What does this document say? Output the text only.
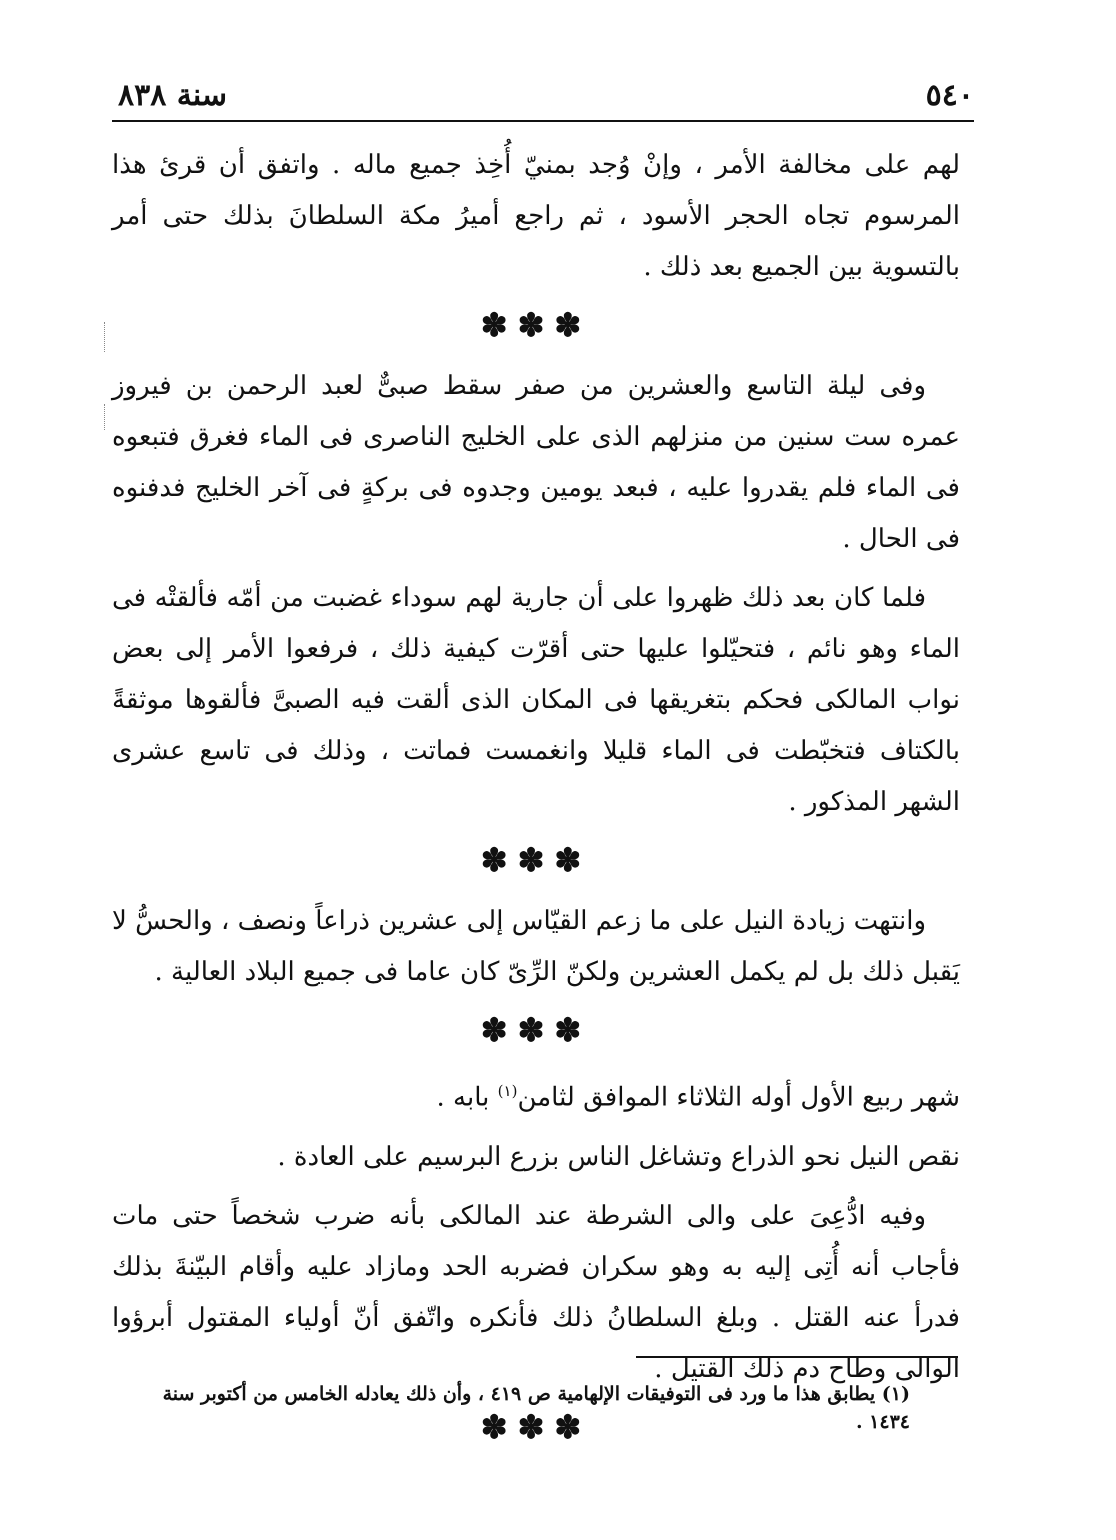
٥٤٠
سنة ٨٣٨

لهم على مخالفة الأمر ، وإنْ وُجد بمنيّ أُخِذ جميع ماله . واتفق أن قرئ هذا المرسوم تجاه الحجر الأسود ، ثم راجع أميرُ مكة السلطانَ بذلك حتى أمر بالتسوية بين الجميع بعد ذلك .

✽✽✽

وفى ليلة التاسع والعشرين من صفر سقط صبىٌّ لعبد الرحمن بن فيروز عمره ست سنين من منزلهم الذى على الخليج الناصرى فى الماء فغرق فتبعوه فى الماء فلم يقدروا عليه ، فبعد يومين وجدوه فى بركةٍ فى آخر الخليج فدفنوه فى الحال .

فلما كان بعد ذلك ظهروا على أن جارية لهم سوداء غضبت من أمّه فألقتْه فى الماء وهو نائم ، فتحيّلوا عليها حتى أقرّت كيفية ذلك ، فرفعوا الأمر إلى بعض نواب المالكى فحكم بتغريقها فى المكان الذى ألقت فيه الصبىَّ فألقوها موثقةً بالكتاف فتخبّطت فى الماء قليلا وانغمست فماتت ، وذلك فى تاسع عشرى الشهر المذكور .

✽✽✽

وانتهت زيادة النيل على ما زعم القيّاس إلى عشرين ذراعاً ونصف ، والحسُّ لا يَقبل ذلك بل لم يكمل العشرين ولكنّ الرِّىّ كان عاما فى جميع البلاد العالية .

✽✽✽

شهر ربيع الأول أوله الثلاثاء الموافق لثامن$^{(١)}$ بابه .

نقص النيل نحو الذراع وتشاغل الناس بزرع البرسيم على العادة .

وفيه ادُّعِىَ على والى الشرطة عند المالكى بأنه ضرب شخصاً حتى مات فأجاب أنه أُتِى إليه به وهو سكران فضربه الحد ومازاد عليه وأقام البيّنةَ بذلك فدرأ عنه القتل . وبلغ السلطانُ ذلك فأنكره واتّفق أنّ أولياء المقتول أبرؤوا الوالى وطاح دم ذلك القتيل .

✽✽✽
(١) يطابق هذا ما ورد فى التوفيقات الإلهامية ص ٤١٩ ، وأن ذلك يعادله الخامس من أكتوبر سنة ١٤٣٤ .
